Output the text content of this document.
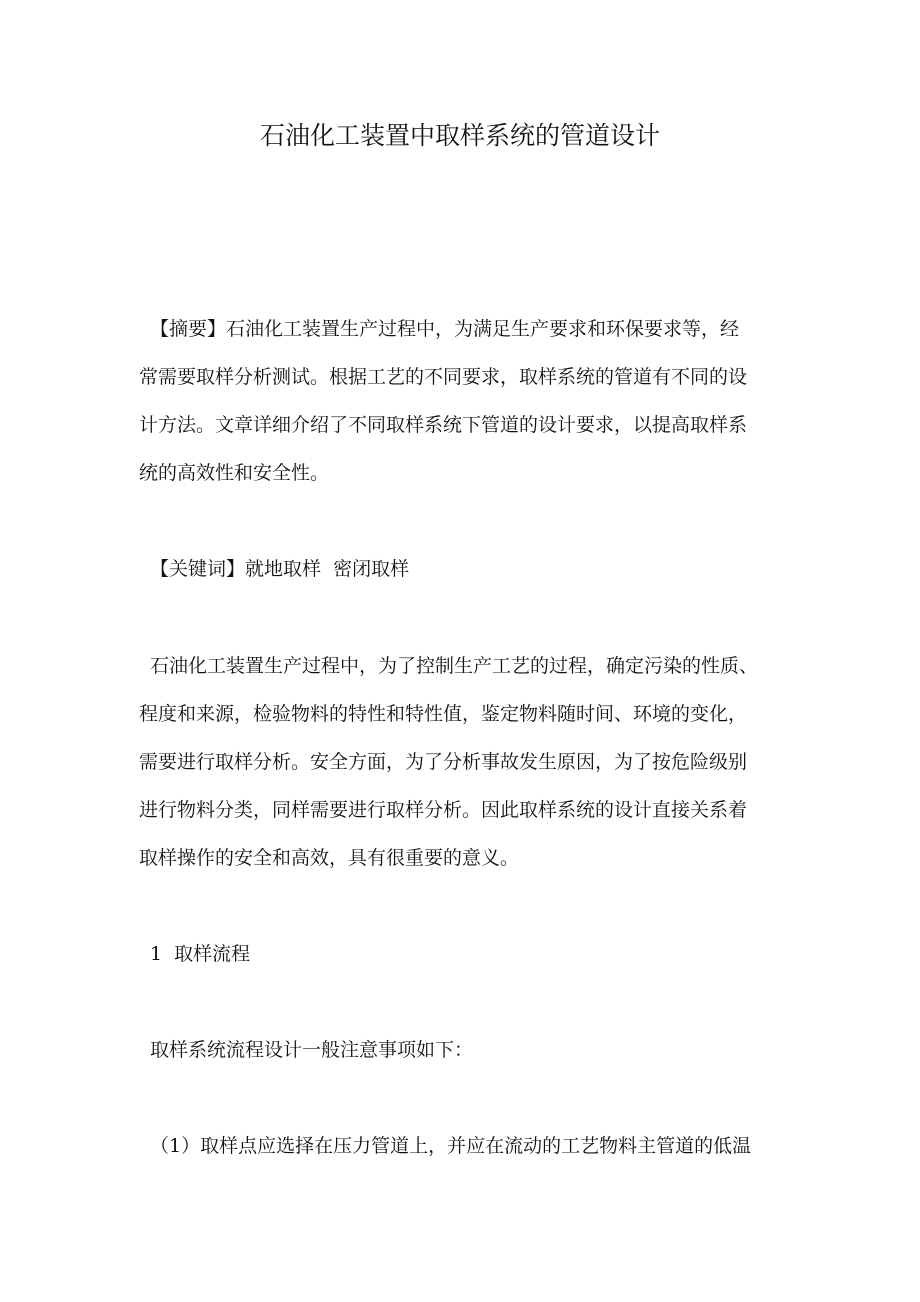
石油化工装置中取样系统的管道设计
【摘要】石油化工装置生产过程中，为满足生产要求和环保要求等，经
常需要取样分析测试。根据工艺的不同要求，取样系统的管道有不同的设
计方法。文章详细介绍了不同取样系统下管道的设计要求，以提高取样系
统的高效性和安全性。
【关键词】就地取样  密闭取样
石油化工装置生产过程中，为了控制生产工艺的过程，确定污染的性质、
程度和来源，检验物料的特性和特性值，鉴定物料随时间、环境的变化，
需要进行取样分析。安全方面，为了分析事故发生原因，为了按危险级别
进行物料分类，同样需要进行取样分析。因此取样系统的设计直接关系着
取样操作的安全和高效，具有很重要的意义。
1  取样流程
取样系统流程设计一般注意事项如下：
（1）取样点应选择在压力管道上，并应在流动的工艺物料主管道的低温
